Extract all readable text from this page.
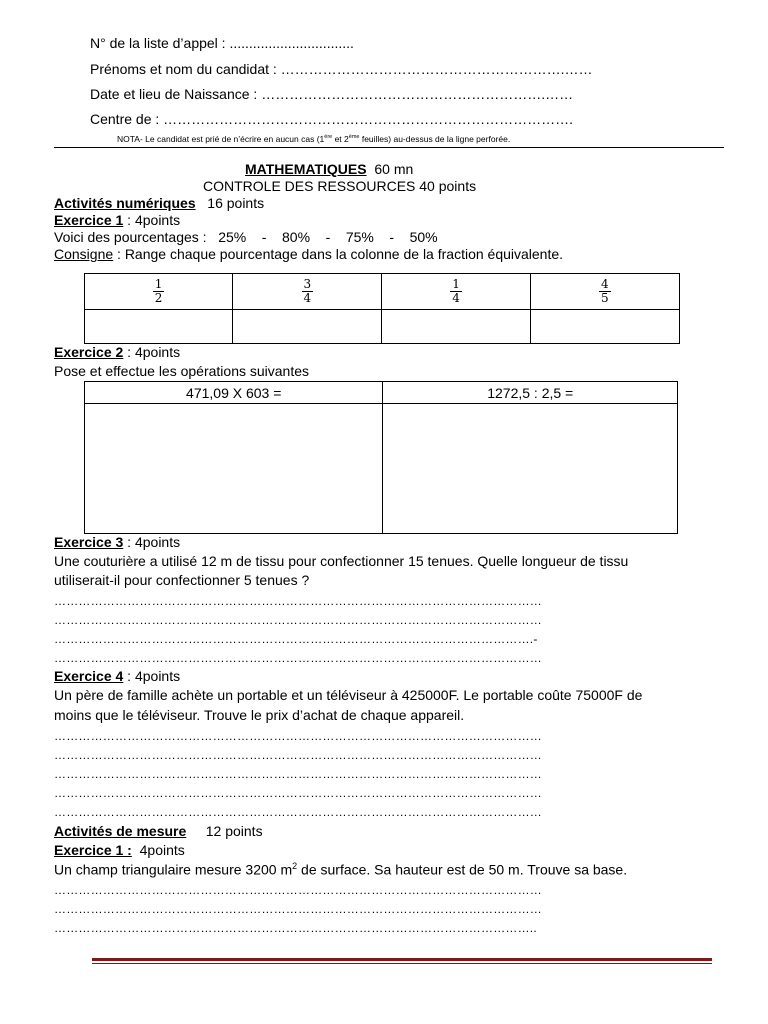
N° de la liste d’appel : ................................
Prénoms et nom du candidat : …………………………………………………….……
Date et lieu de Naissance : …………………………………………………….……
Centre de : …………………………………………………………………………….
NOTA- Le candidat est prié de n’écrire en aucun cas (1ère et 2ème feuilles) au-dessus de la ligne perforée.
MATHEMATIQUES  60 mn
CONTROLE DES RESSOURCES 40 points
Activités numériques   16 points
Exercice 1 : 4points
Voici des pourcentages :   25%    -    80%    -    75%    -    50%
Consigne : Range chaque pourcentage dans la colonne de la fraction équivalente.
$\frac{1}{2}$	$\frac{3}{4}$	$\frac{1}{4}$	$\frac{4}{5}$

Exercice 2 : 4points
Pose et effectue les opérations suivantes
471,09 X 603 =	1272,5 : 2,5 =

Exercice 3 : 4points
Une couturière a utilisé 12 m de tissu pour confectionner 15 tenues. Quelle longueur de tissu
utiliserait-il pour confectionner 5 tenues ?
…………………………………………………………………………………………………………
…………………………………………………………………………………………………………
……………………………………………………………………………………………………….-
…………………………………………………………………………………………………………
Exercice 4 : 4points
Un père de famille achète un portable et un téléviseur à 425000F. Le portable coûte 75000F de
moins que le téléviseur. Trouve le prix d’achat de chaque appareil.
…………………………………………………………………………………………………………
…………………………………………………………………………………………………………
…………………………………………………………………………………………………………
…………………………………………………………………………………………………………
…………………………………………………………………………………………………………
Activités de mesure     12 points
Exercice 1 :  4points
Un champ triangulaire mesure 3200 $m^2$ de surface. Sa hauteur est de 50 m. Trouve sa base.
…………………………………………………………………………………………………………
…………………………………………………………………………………………………………
………………………………………………………………………………………………………..
